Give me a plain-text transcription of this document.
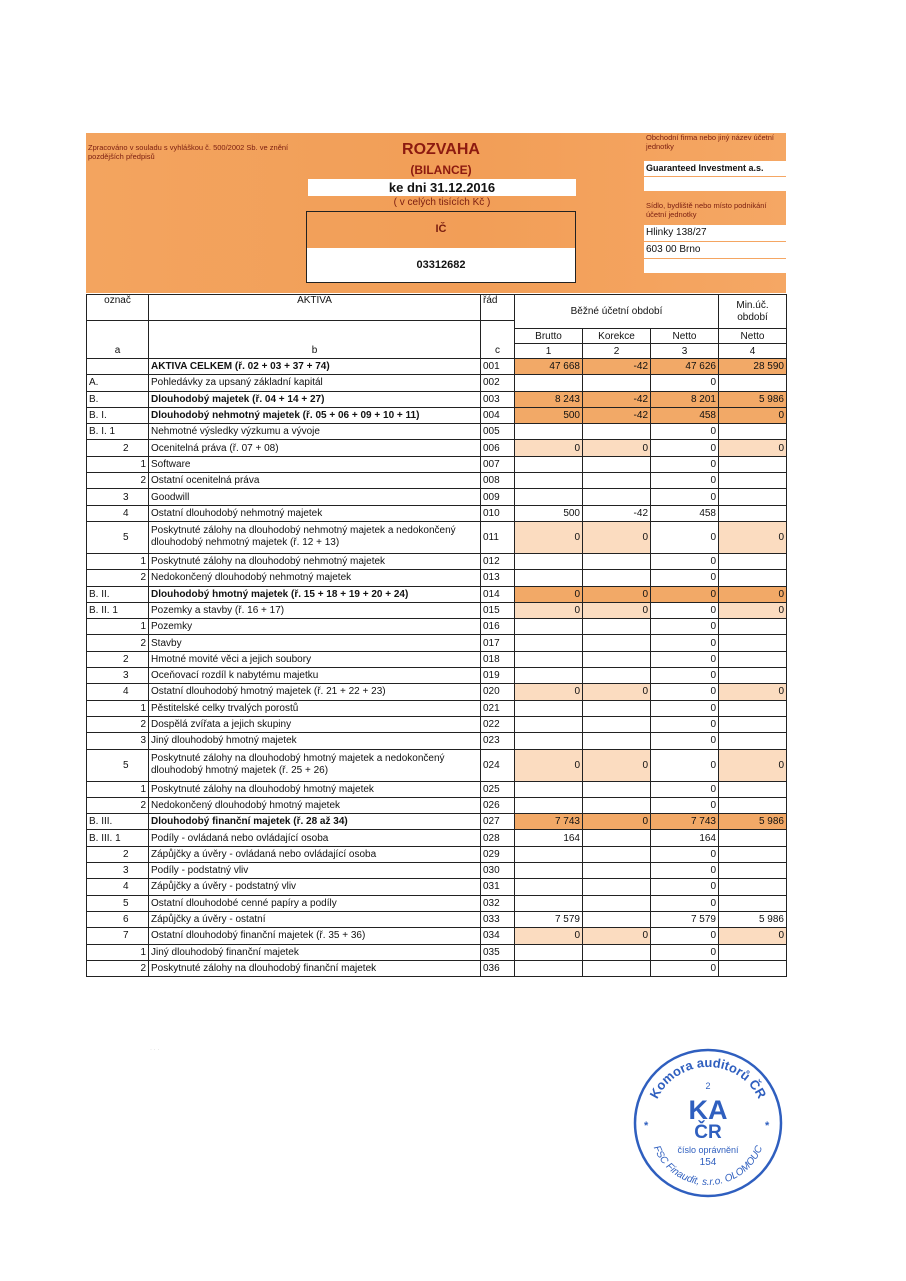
Zpracováno v souladu s vyhláškou č. 500/2002 Sb. ve znění pozdějších předpisů	ROZVAHA
(BILANCE)
ke dni 31.12.2016
( v celých tisících Kč )
IČ
03312682
Obchodní firma nebo jiný název účetní jednotky
Guaranteed Investment a.s.
Sídlo, bydliště nebo místo podnikání účetní jednotky
Hlinky 138/27
603 00 Brno
označ		AKTIVA	řád	Běžné účetní období			Min.úč. období

				Brutto	Korekce	Netto	Netto
a		b	c	1	2	3	4
		AKTIVA CELKEM (ř. 02 + 03 + 37 + 74)	001	47 668	-42	47 626	28 590
A.		Pohledávky za upsaný základní kapitál	002			0	
B.		Dlouhodobý majetek (ř. 04 + 14 + 27)	003	8 243	-42	8 201	5 986
B. I.		Dlouhodobý nehmotný majetek (ř. 05 + 06 + 09 + 10 + 11)	004	500	-42	458	0
B. I. 1		Nehmotné výsledky výzkumu a vývoje	005			0	
2		Ocenitelná práva (ř. 07 + 08)	006	0	0	0	0
	1	Software	007			0	
	2	Ostatní ocenitelná práva	008			0	
3		Goodwill	009			0	
4		Ostatní dlouhodobý nehmotný majetek	010	500	-42	458	
5		Poskytnuté zálohy na dlouhodobý nehmotný majetek a nedokončený dlouhodobý nehmotný majetek (ř. 12 + 13)	011	0	0	0	0
	1	Poskytnuté zálohy na dlouhodobý nehmotný majetek	012			0	
	2	Nedokončený dlouhodobý nehmotný majetek	013			0	
B. II.		Dlouhodobý hmotný majetek (ř. 15 + 18 + 19 + 20 + 24)	014	0	0	0	0
B. II. 1		Pozemky a stavby (ř. 16 + 17)	015	0	0	0	0
	1	Pozemky	016			0	
	2	Stavby	017			0	
2		Hmotné movité věci a jejich soubory	018			0	
3		Oceňovací rozdíl k nabytému majetku	019			0	
4		Ostatní dlouhodobý hmotný majetek (ř. 21 + 22 + 23)	020	0	0	0	0
	1	Pěstitelské celky trvalých porostů	021			0	
	2	Dospělá zvířata a jejich skupiny	022			0	
	3	Jiný dlouhodobý hmotný majetek	023			0	
5		Poskytnuté zálohy na dlouhodobý hmotný majetek a nedokončený dlouhodobý hmotný majetek (ř. 25 + 26)	024	0	0	0	0
	1	Poskytnuté zálohy na dlouhodobý hmotný majetek	025			0	
	2	Nedokončený dlouhodobý hmotný majetek	026			0	
B. III.		Dlouhodobý finanční majetek (ř. 28 až 34)	027	7 743	0	7 743	5 986
B. III. 1		Podíly - ovládaná nebo ovládající osoba	028	164		164	
2		Zápůjčky a úvěry - ovládaná nebo ovládající osoba	029			0	
3		Podíly - podstatný vliv	030			0	
4		Zápůjčky a úvěry - podstatný vliv	031			0	
5		Ostatní dlouhodobé cenné papíry a podíly	032			0	
6		Zápůjčky a úvěry - ostatní	033	7 579		7 579	5 986
7		Ostatní dlouhodobý finanční majetek (ř. 35 + 36)	034	0	0	0	0
	1	Jiný dlouhodobý finanční majetek	035			0	
	2	Poskytnuté zálohy na dlouhodobý finanční majetek	036			0	
· · ·
Komora auditorů ČR
FSC Finaudit, s.r.o. OLOMOUC
2
KA
ČR
číslo oprávnění
154
*	*
